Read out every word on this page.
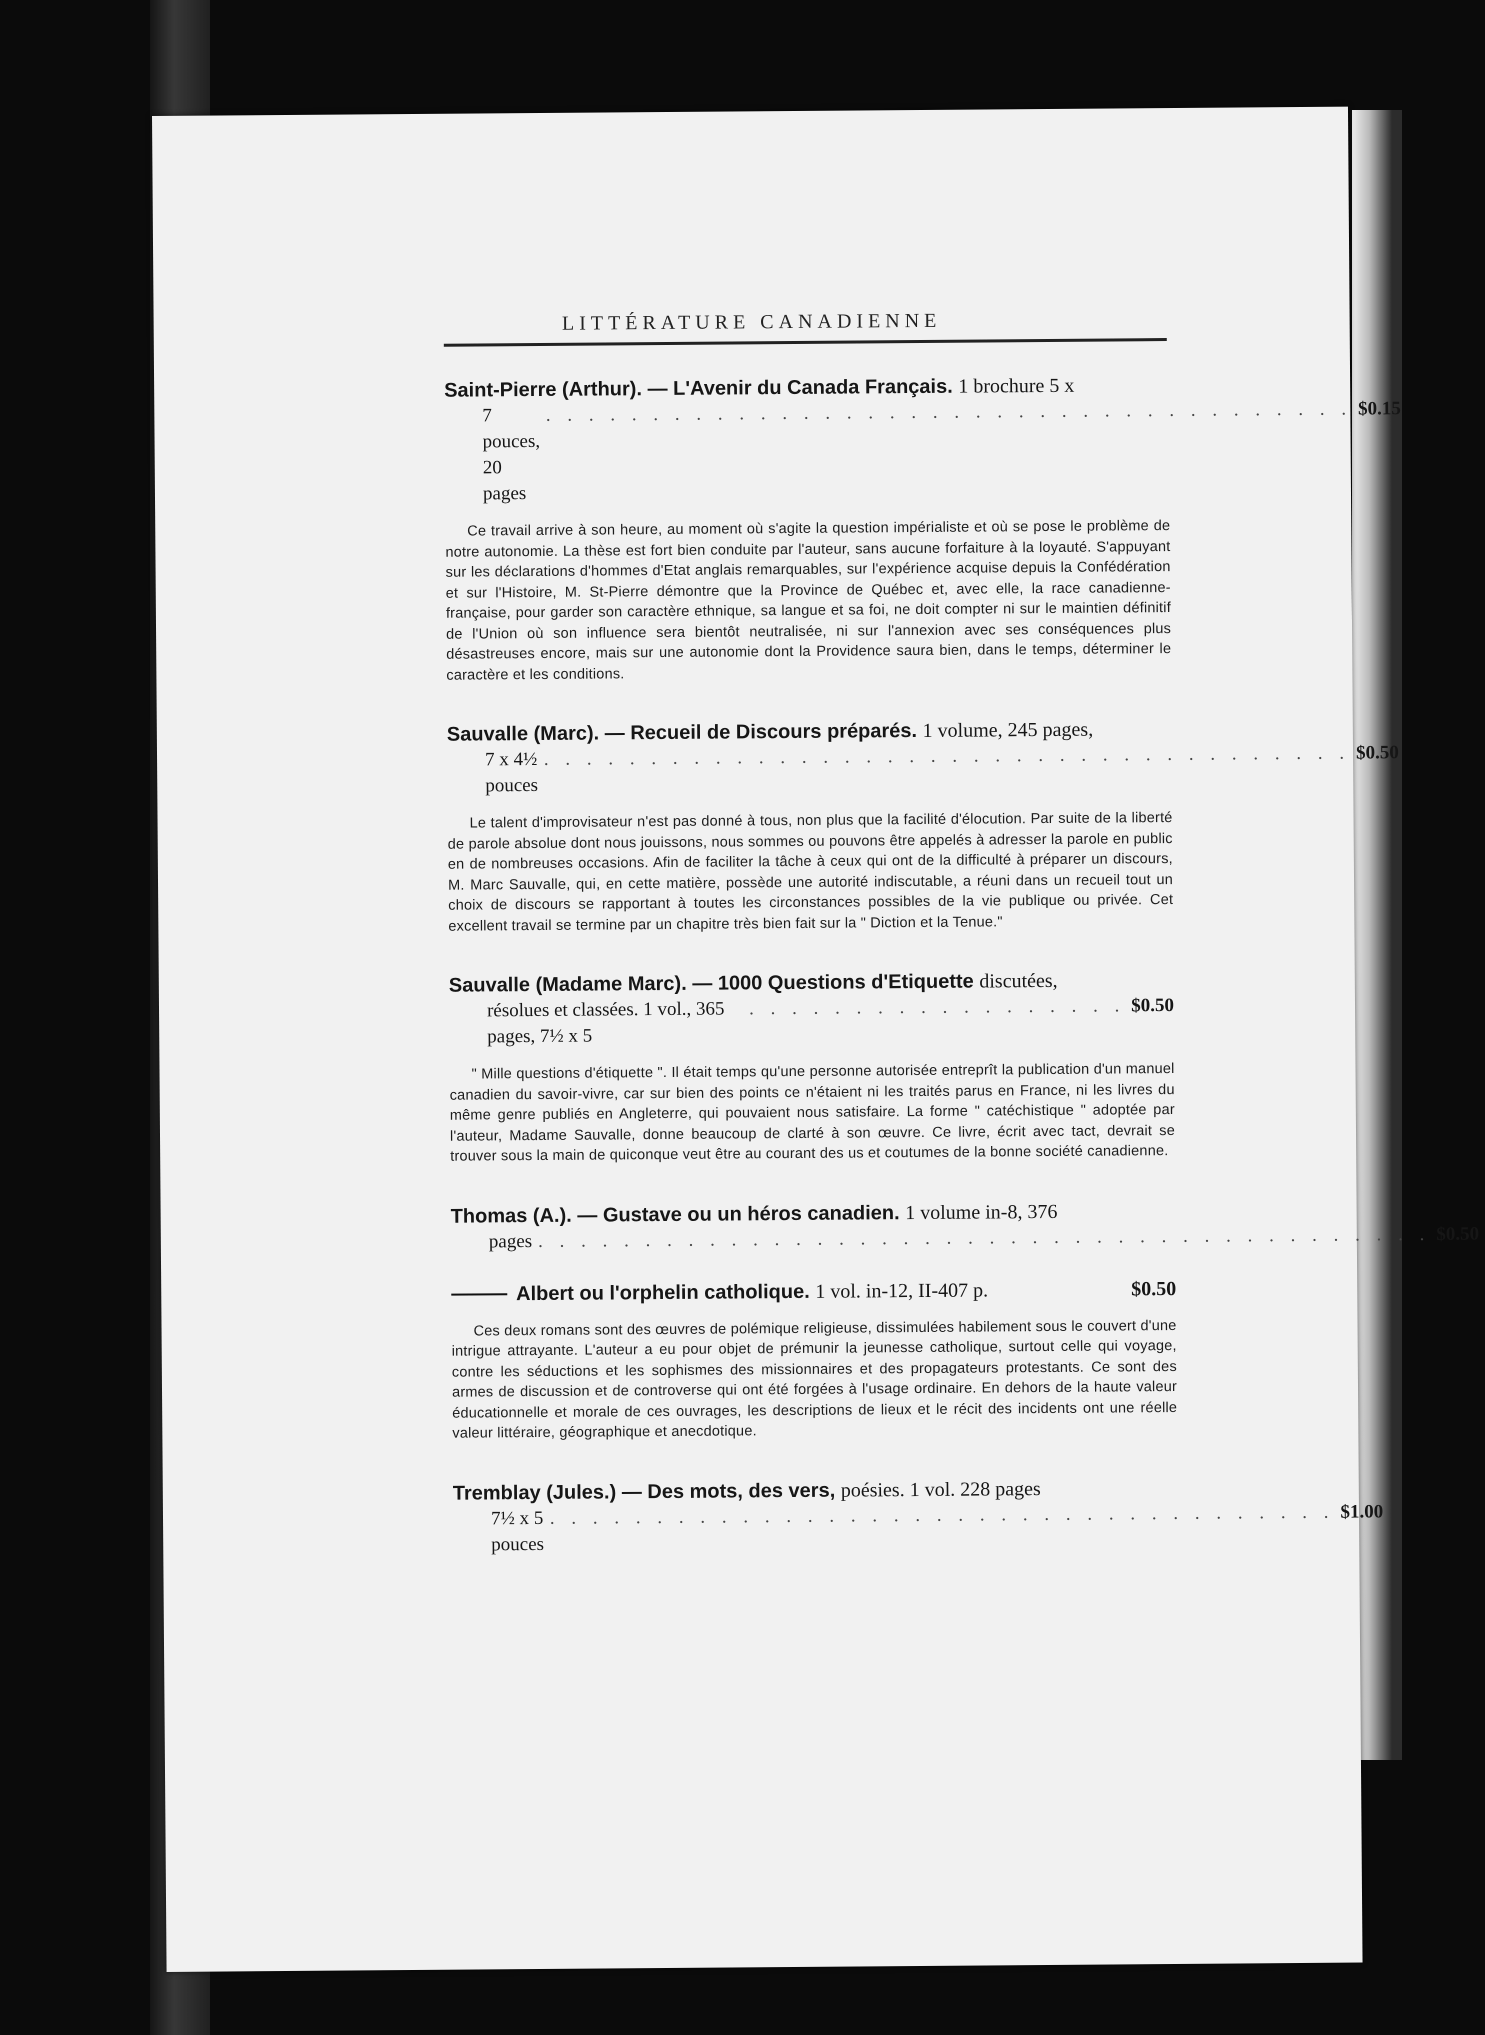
LITTÉRATURE CANADIENNE
Saint-Pierre (Arthur). — L'Avenir du Canada Français. 1 brochure 5 x
7 pouces, 20 pages
. . . . . . . . . . . . . . . . . . . . . . . . . . . . . . . . . . . . . . $0.15
Ce travail arrive à son heure, au moment où s'agite la question impérialiste et où se pose le problème de notre autonomie. La thèse est fort bien conduite par l'auteur, sans aucune forfaiture à la loyauté. S'appuyant sur les déclarations d'hommes d'Etat anglais remarquables, sur l'expérience acquise depuis la Confédération et sur l'Histoire, M. St-Pierre démontre que la Province de Québec et, avec elle, la race canadienne-française, pour garder son caractère ethnique, sa langue et sa foi, ne doit compter ni sur le maintien définitif de l'Union où son influence sera bientôt neutralisée, ni sur l'annexion avec ses conséquences plus désastreuses encore, mais sur une autonomie dont la Providence saura bien, dans le temps, déterminer le caractère et les conditions.
Sauvalle (Marc). — Recueil de Discours préparés. 1 volume, 245 pages,
7 x 4½ pouces
. . . . . . . . . . . . . . . . . . . . . . . . . . . . . . . . . . . . . . $0.50
Le talent d'improvisateur n'est pas donné à tous, non plus que la facilité d'élocution. Par suite de la liberté de parole absolue dont nous jouissons, nous sommes ou pouvons être appelés à adresser la parole en public en de nombreuses occasions. Afin de faciliter la tâche à ceux qui ont de la difficulté à préparer un discours, M. Marc Sauvalle, qui, en cette matière, possède une autorité indiscutable, a réuni dans un recueil tout un choix de discours se rapportant à toutes les circonstances possibles de la vie publique ou privée. Cet excellent travail se termine par un chapitre très bien fait sur la " Diction et la Tenue."
Sauvalle (Madame Marc). — 1000 Questions d'Etiquette discutées,
résolues et classées. 1 vol., 365 pages, 7½ x 5
. . . . . . . . . . . . . . . . . . $0.50
" Mille questions d'étiquette ". Il était temps qu'une personne autorisée entreprît la publication d'un manuel canadien du savoir-vivre, car sur bien des points ce n'étaient ni les traités parus en France, ni les livres du même genre publiés en Angleterre, qui pouvaient nous satisfaire. La forme " catéchistique " adoptée par l'auteur, Madame Sauvalle, donne beaucoup de clarté à son œuvre. Ce livre, écrit avec tact, devrait se trouver sous la main de quiconque veut être au courant des us et coutumes de la bonne société canadienne.
Thomas (A.). — Gustave ou un héros canadien. 1 volume in-8, 376
pages . . . . . . . . . . . . . . . . . . . . . . . . . . . . . . . . . . . . . . . . . . $0.50
Albert ou l'orphelin catholique. 1 vol. in-12, II-407 p.	$0.50
Ces deux romans sont des œuvres de polémique religieuse, dissimulées habilement sous le couvert d'une intrigue attrayante. L'auteur a eu pour objet de prémunir la jeunesse catholique, surtout celle qui voyage, contre les séductions et les sophismes des missionnaires et des propagateurs protestants. Ce sont des armes de discussion et de controverse qui ont été forgées à l'usage ordinaire. En dehors de la haute valeur éducationnelle et morale de ces ouvrages, les descriptions de lieux et le récit des incidents ont une réelle valeur littéraire, géographique et anecdotique.
Tremblay (Jules.) — Des mots, des vers, poésies. 1 vol. 228 pages
7½ x 5 pouces
. . . . . . . . . . . . . . . . . . . . . . . . . . . . . . . . . . . . . $1.00
